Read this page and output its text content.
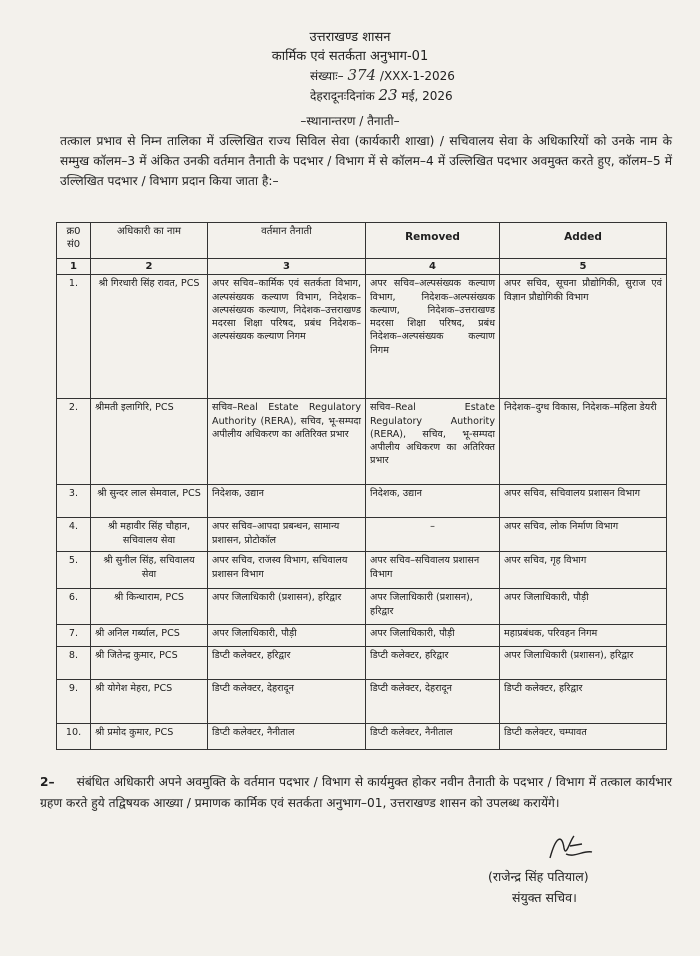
उत्तराखण्ड शासन
कार्मिक एवं सतर्कता अनुभाग-01
संख्याः– 374 /XXX-1-2026
देहरादूनःदिनांक 23 मई, 2026
–स्थानान्तरण / तैनाती–
तत्काल प्रभाव से निम्न तालिका में उल्लिखित राज्य सिविल सेवा (कार्यकारी शाखा) / सचिवालय सेवा के अधिकारियों को उनके नाम के सम्मुख कॉलम–3 में अंकित उनकी वर्तमान तैनाती के पदभार / विभाग में से कॉलम–4 में उल्लिखित पदभार अवमुक्त करते हुए, कॉलम–5 में उल्लिखित पदभार / विभाग प्रदान किया जाता है:–
क्र0 सं0	अधिकारी का नाम	वर्तमान तैनाती	Removed	Added
1	2	3	4	5
1.	श्री गिरधारी सिंह रावत, PCS	अपर सचिव–कार्मिक एवं सतर्कता विभाग, अल्पसंख्यक कल्याण विभाग, निदेशक–अल्पसंख्यक कल्याण, निदेशक–उत्तराखण्ड मदरसा शिक्षा परिषद, प्रबंध निदेशक–अल्पसंख्यक कल्याण निगम	अपर सचिव–अल्पसंख्यक कल्याण विभाग, निदेशक–अल्पसंख्यक कल्याण, निदेशक–उत्तराखण्ड मदरसा शिक्षा परिषद, प्रबंध निदेशक–अल्पसंख्यक कल्याण निगम	अपर सचिव, सूचना प्रौद्योगिकी, सुराज एवं विज्ञान प्रौद्योगिकी विभाग
2.	श्रीमती इलागिरि, PCS	सचिव–Real Estate Regulatory Authority (RERA), सचिव, भू-सम्पदा अपीलीय अधिकरण का अतिरिक्त प्रभार	सचिव–Real Estate Regulatory Authority (RERA), सचिव, भू-सम्पदा अपीलीय अधिकरण का अतिरिक्त प्रभार	निदेशक–दुग्ध विकास, निदेशक–महिला डेयरी
3.	श्री सुन्दर लाल सेमवाल, PCS	निदेशक, उद्यान	निदेशक, उद्यान	अपर सचिव, सचिवालय प्रशासन विभाग
4.	श्री महावीर सिंह चौहान, सचिवालय सेवा	अपर सचिव–आपदा प्रबन्धन, सामान्य प्रशासन, प्रोटोकॉल	–	अपर सचिव, लोक निर्माण विभाग
5.	श्री सुनील सिंह, सचिवालय सेवा	अपर सचिव, राजस्व विभाग, सचिवालय प्रशासन विभाग	अपर सचिव–सचिवालय प्रशासन विभाग	अपर सचिव, गृह विभाग
6.	श्री किन्धाराम, PCS	अपर जिलाधिकारी (प्रशासन), हरिद्वार	अपर जिलाधिकारी (प्रशासन), हरिद्वार	अपर जिलाधिकारी, पौड़ी
7.	श्री अनिल गर्ब्याल, PCS	अपर जिलाधिकारी, पौड़ी	अपर जिलाधिकारी, पौड़ी	महाप्रबंधक, परिवहन निगम
8.	श्री जितेन्द्र कुमार, PCS	डिप्टी कलेक्टर, हरिद्वार	डिप्टी कलेक्टर, हरिद्वार	अपर जिलाधिकारी (प्रशासन), हरिद्वार
9.	श्री योगेश मेहरा, PCS	डिप्टी कलेक्टर, देहरादून	डिप्टी कलेक्टर, देहरादून	डिप्टी कलेक्टर, हरिद्वार
10.	श्री प्रमोद कुमार, PCS	डिप्टी कलेक्टर, नैनीताल	डिप्टी कलेक्टर, नैनीताल	डिप्टी कलेक्टर, चम्पावत
2– संबंधित अधिकारी अपने अवमुक्ति के वर्तमान पदभार / विभाग से कार्यमुक्त होकर नवीन तैनाती के पदभार / विभाग में तत्काल कार्यभार ग्रहण करते हुये तद्विषयक आख्या / प्रमाणक कार्मिक एवं सतर्कता अनुभाग–01, उत्तराखण्ड शासन को उपलब्ध करायेंगे।
(राजेन्द्र सिंह पतियाल)
संयुक्त सचिव।
